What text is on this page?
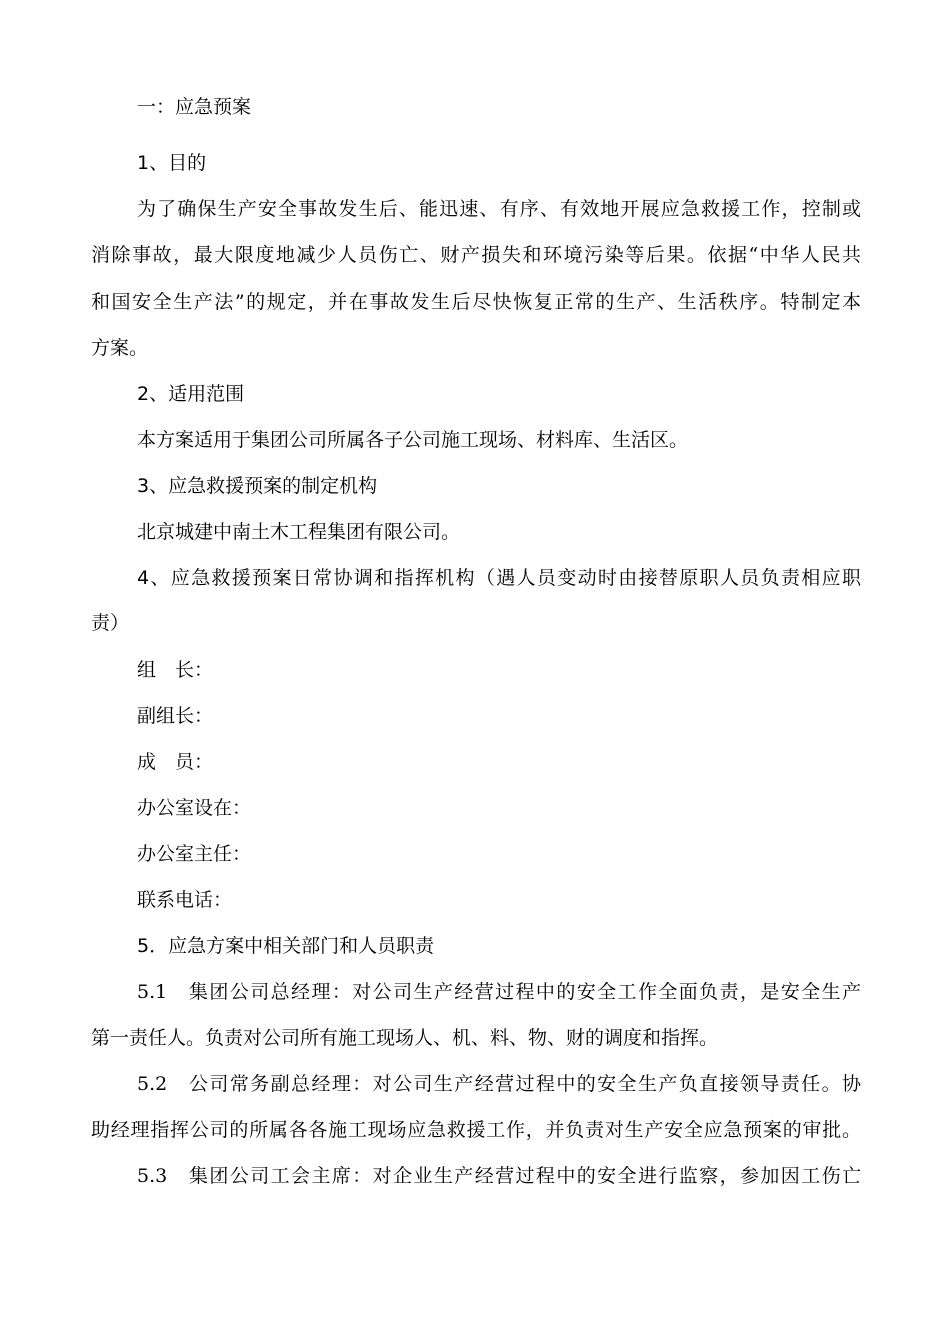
一：应急预案
1、目的
为了确保生产安全事故发生后、能迅速、有序、有效地开展应急救援工作，控制或
消除事故，最大限度地减少人员伤亡、财产损失和环境污染等后果。依据“中华人民共
和国安全生产法”的规定，并在事故发生后尽快恢复正常的生产、生活秩序。特制定本
方案。
2、适用范围
本方案适用于集团公司所属各子公司施工现场、材料库、生活区。
3、应急救援预案的制定机构
北京城建中南土木工程集团有限公司。
4、应急救援预案日常协调和指挥机构（遇人员变动时由接替原职人员负责相应职
责）
组　长：
副组长：
成　员：
办公室设在：
办公室主任：
联系电话：
5．应急方案中相关部门和人员职责
5.1　集团公司总经理：对公司生产经营过程中的安全工作全面负责，是安全生产
第一责任人。负责对公司所有施工现场人、机、料、物、财的调度和指挥。
5.2　公司常务副总经理：对公司生产经营过程中的安全生产负直接领导责任。协
助经理指挥公司的所属各各施工现场应急救援工作，并负责对生产安全应急预案的审批。
5.3　集团公司工会主席：对企业生产经营过程中的安全进行监察，参加因工伤亡
